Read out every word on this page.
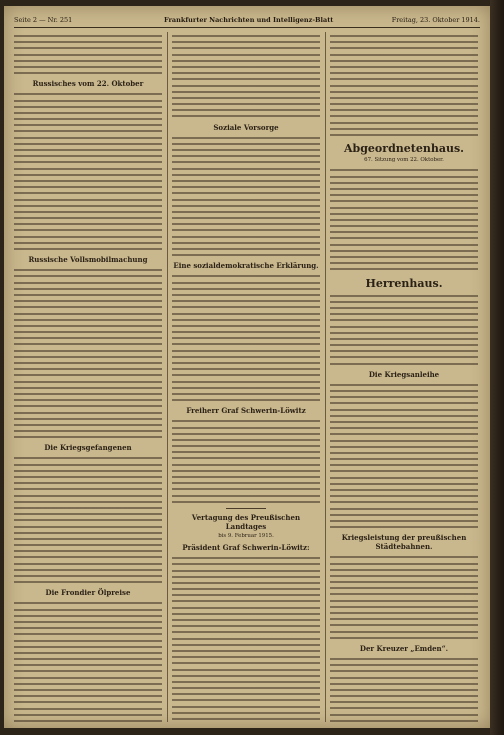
Seite 2 — Nr. 251	Frankfurter Nachrichten und Intelligenz-Blatt	Freitag, 23. Oktober 1914.
Russisches vom 22. Oktober
Russische Vollsmobilmachung
Die Kriegsgefangenen
Die Frondier Ölpreise
Soziale Vorsorge
Eine sozialdemokratische Erklärung.
Freiherr Graf Schwerin-Löwitz
Vertagung des Preußischen Landtages
bis 9. Februar 1915.
Präsident Graf Schwerin-Löwitz:
Abgeordnetenhaus.
67. Sitzung vom 22. Oktober.
Herrenhaus.
Die Kriegsanleihe
Kriegsleistung der preußischen Städtebahnen.
Der Kreuzer „Emden“.
